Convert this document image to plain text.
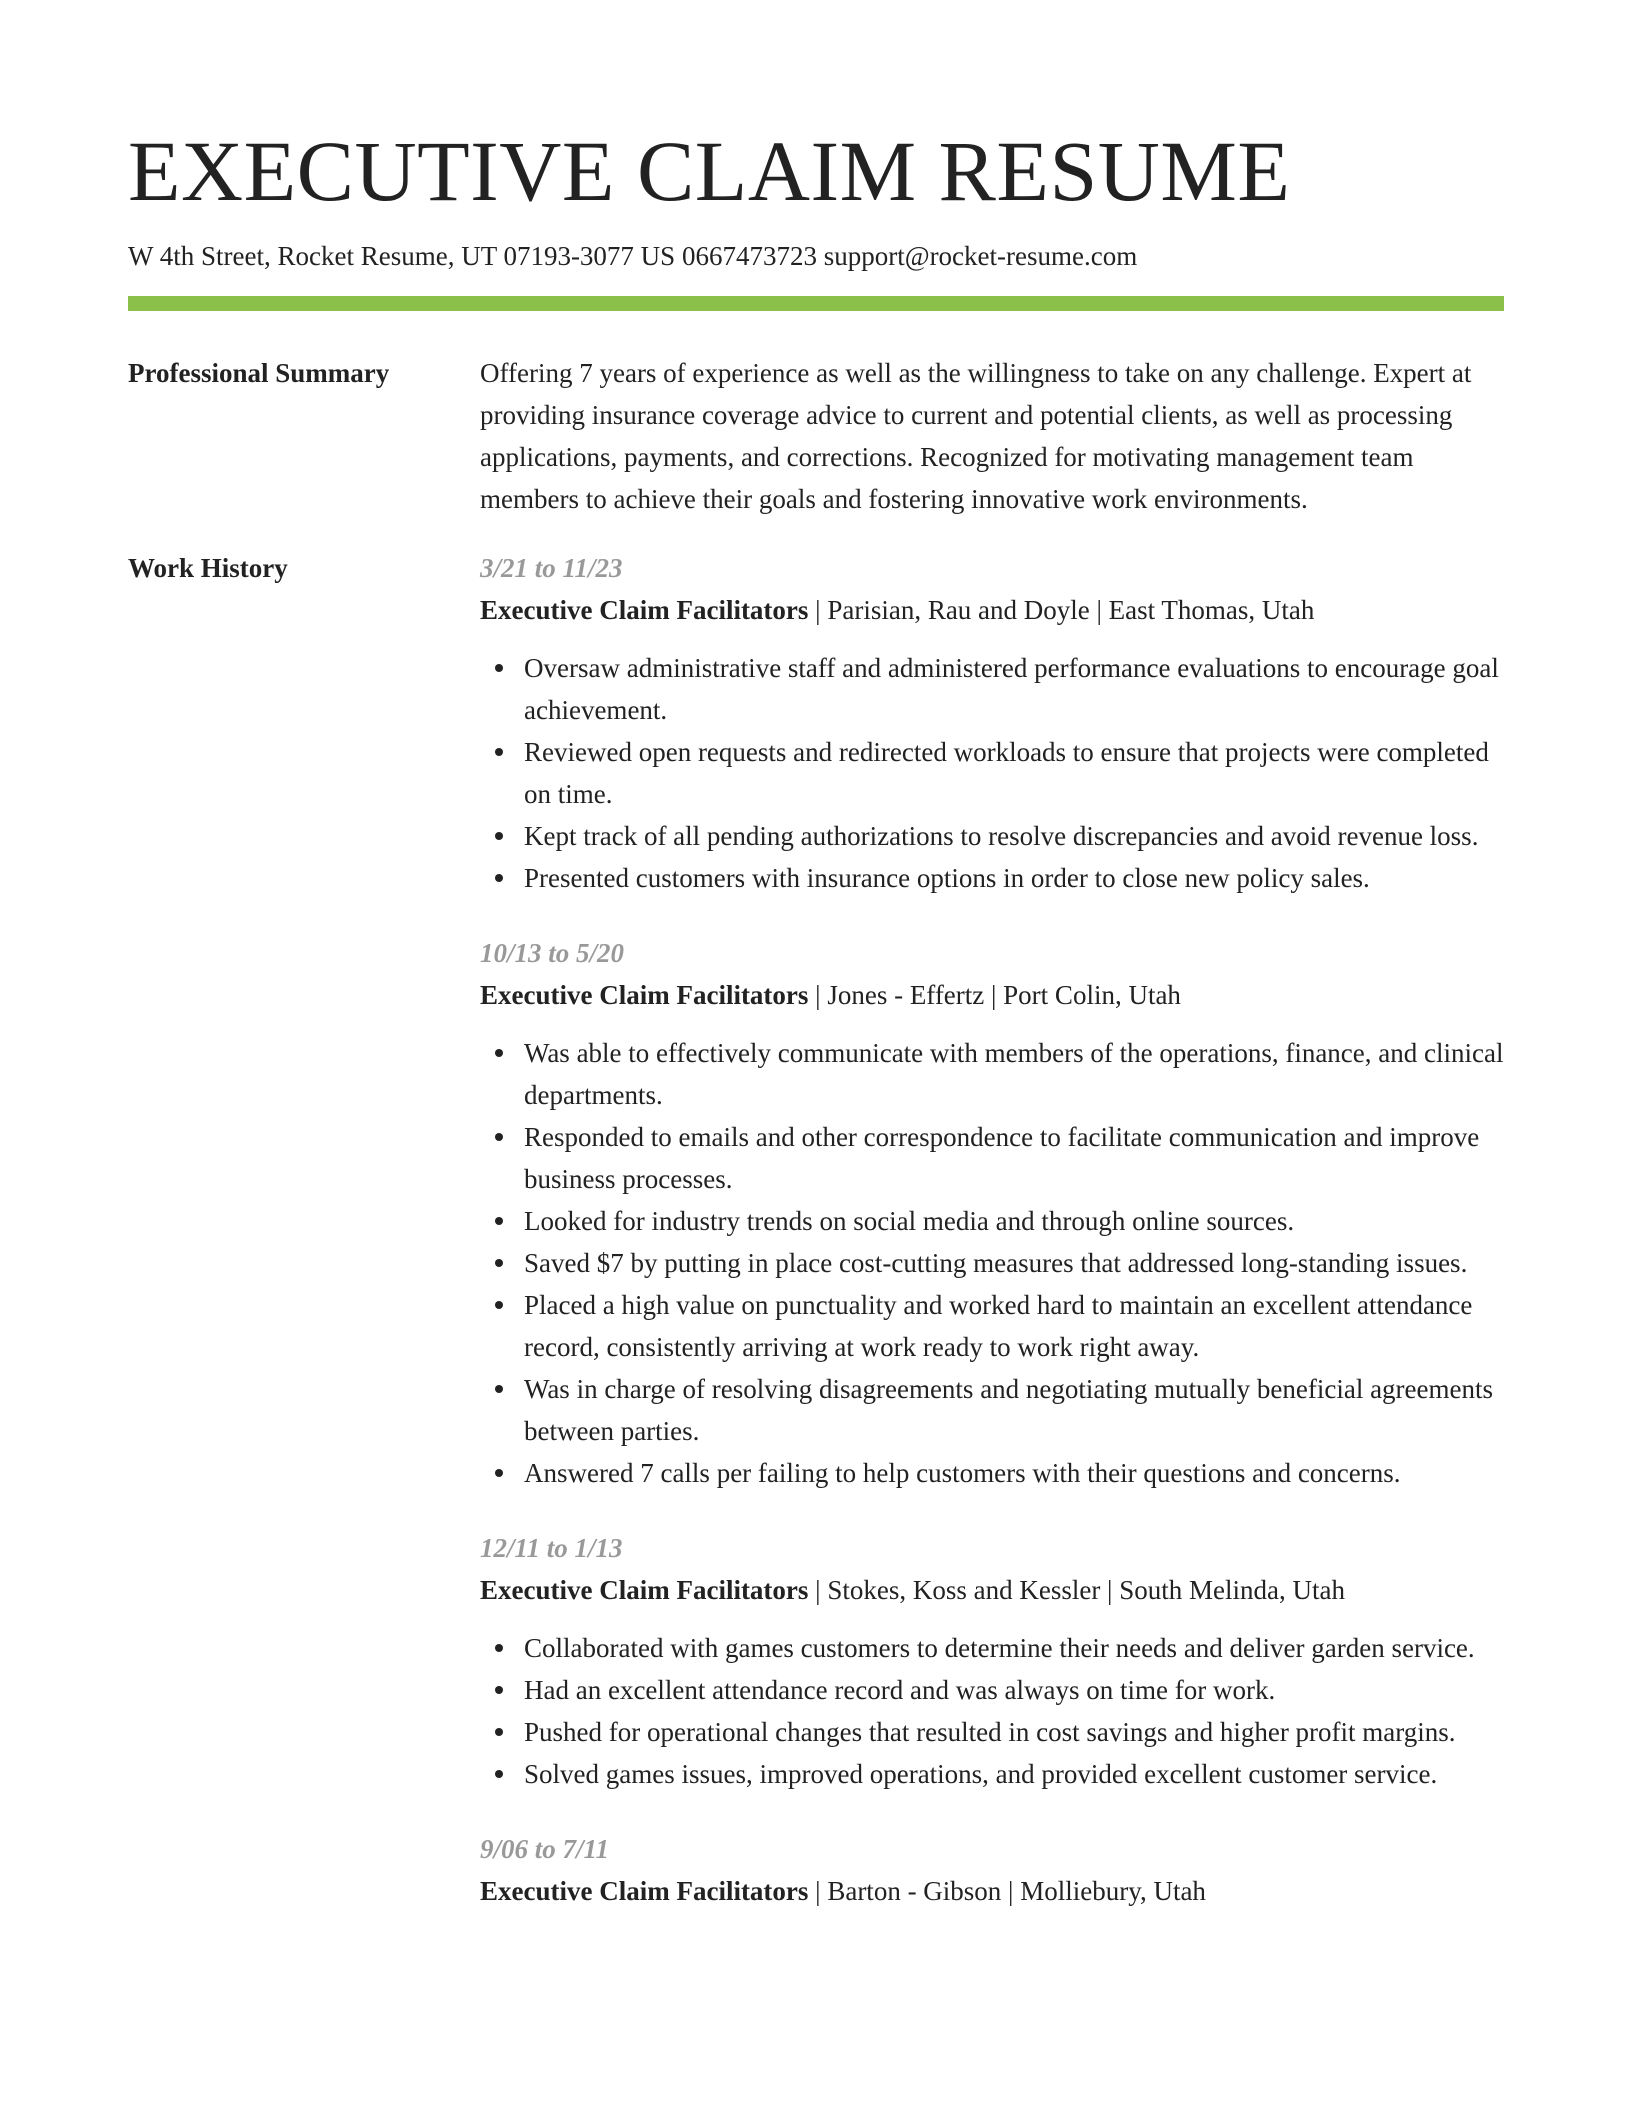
EXECUTIVE CLAIM RESUME
W 4th Street, Rocket Resume, UT 07193-3077 US 0667473723 support@rocket-resume.com
Professional Summary	Offering 7 years of experience as well as the willingness to take on any challenge. Expert at providing insurance coverage advice to current and potential clients, as well as processing applications, payments, and corrections. Recognized for motivating management team members to achieve their goals and fostering innovative work environments.
Work History	3/21 to 11/23
Executive Claim Facilitators | Parisian, Rau and Doyle | East Thomas, Utah
Oversaw administrative staff and administered performance evaluations to encourage goal achievement.
Reviewed open requests and redirected workloads to ensure that projects were completed on time.
Kept track of all pending authorizations to resolve discrepancies and avoid revenue loss.
Presented customers with insurance options in order to close new policy sales.
10/13 to 5/20
Executive Claim Facilitators | Jones - Effertz | Port Colin, Utah
Was able to effectively communicate with members of the operations, finance, and clinical departments.
Responded to emails and other correspondence to facilitate communication and improve business processes.
Looked for industry trends on social media and through online sources.
Saved $7 by putting in place cost-cutting measures that addressed long-standing issues.
Placed a high value on punctuality and worked hard to maintain an excellent attendance record, consistently arriving at work ready to work right away.
Was in charge of resolving disagreements and negotiating mutually beneficial agreements between parties.
Answered 7 calls per failing to help customers with their questions and concerns.
12/11 to 1/13
Executive Claim Facilitators | Stokes, Koss and Kessler | South Melinda, Utah
Collaborated with games customers to determine their needs and deliver garden service.
Had an excellent attendance record and was always on time for work.
Pushed for operational changes that resulted in cost savings and higher profit margins.
Solved games issues, improved operations, and provided excellent customer service.
9/06 to 7/11
Executive Claim Facilitators | Barton - Gibson | Molliebury, Utah
